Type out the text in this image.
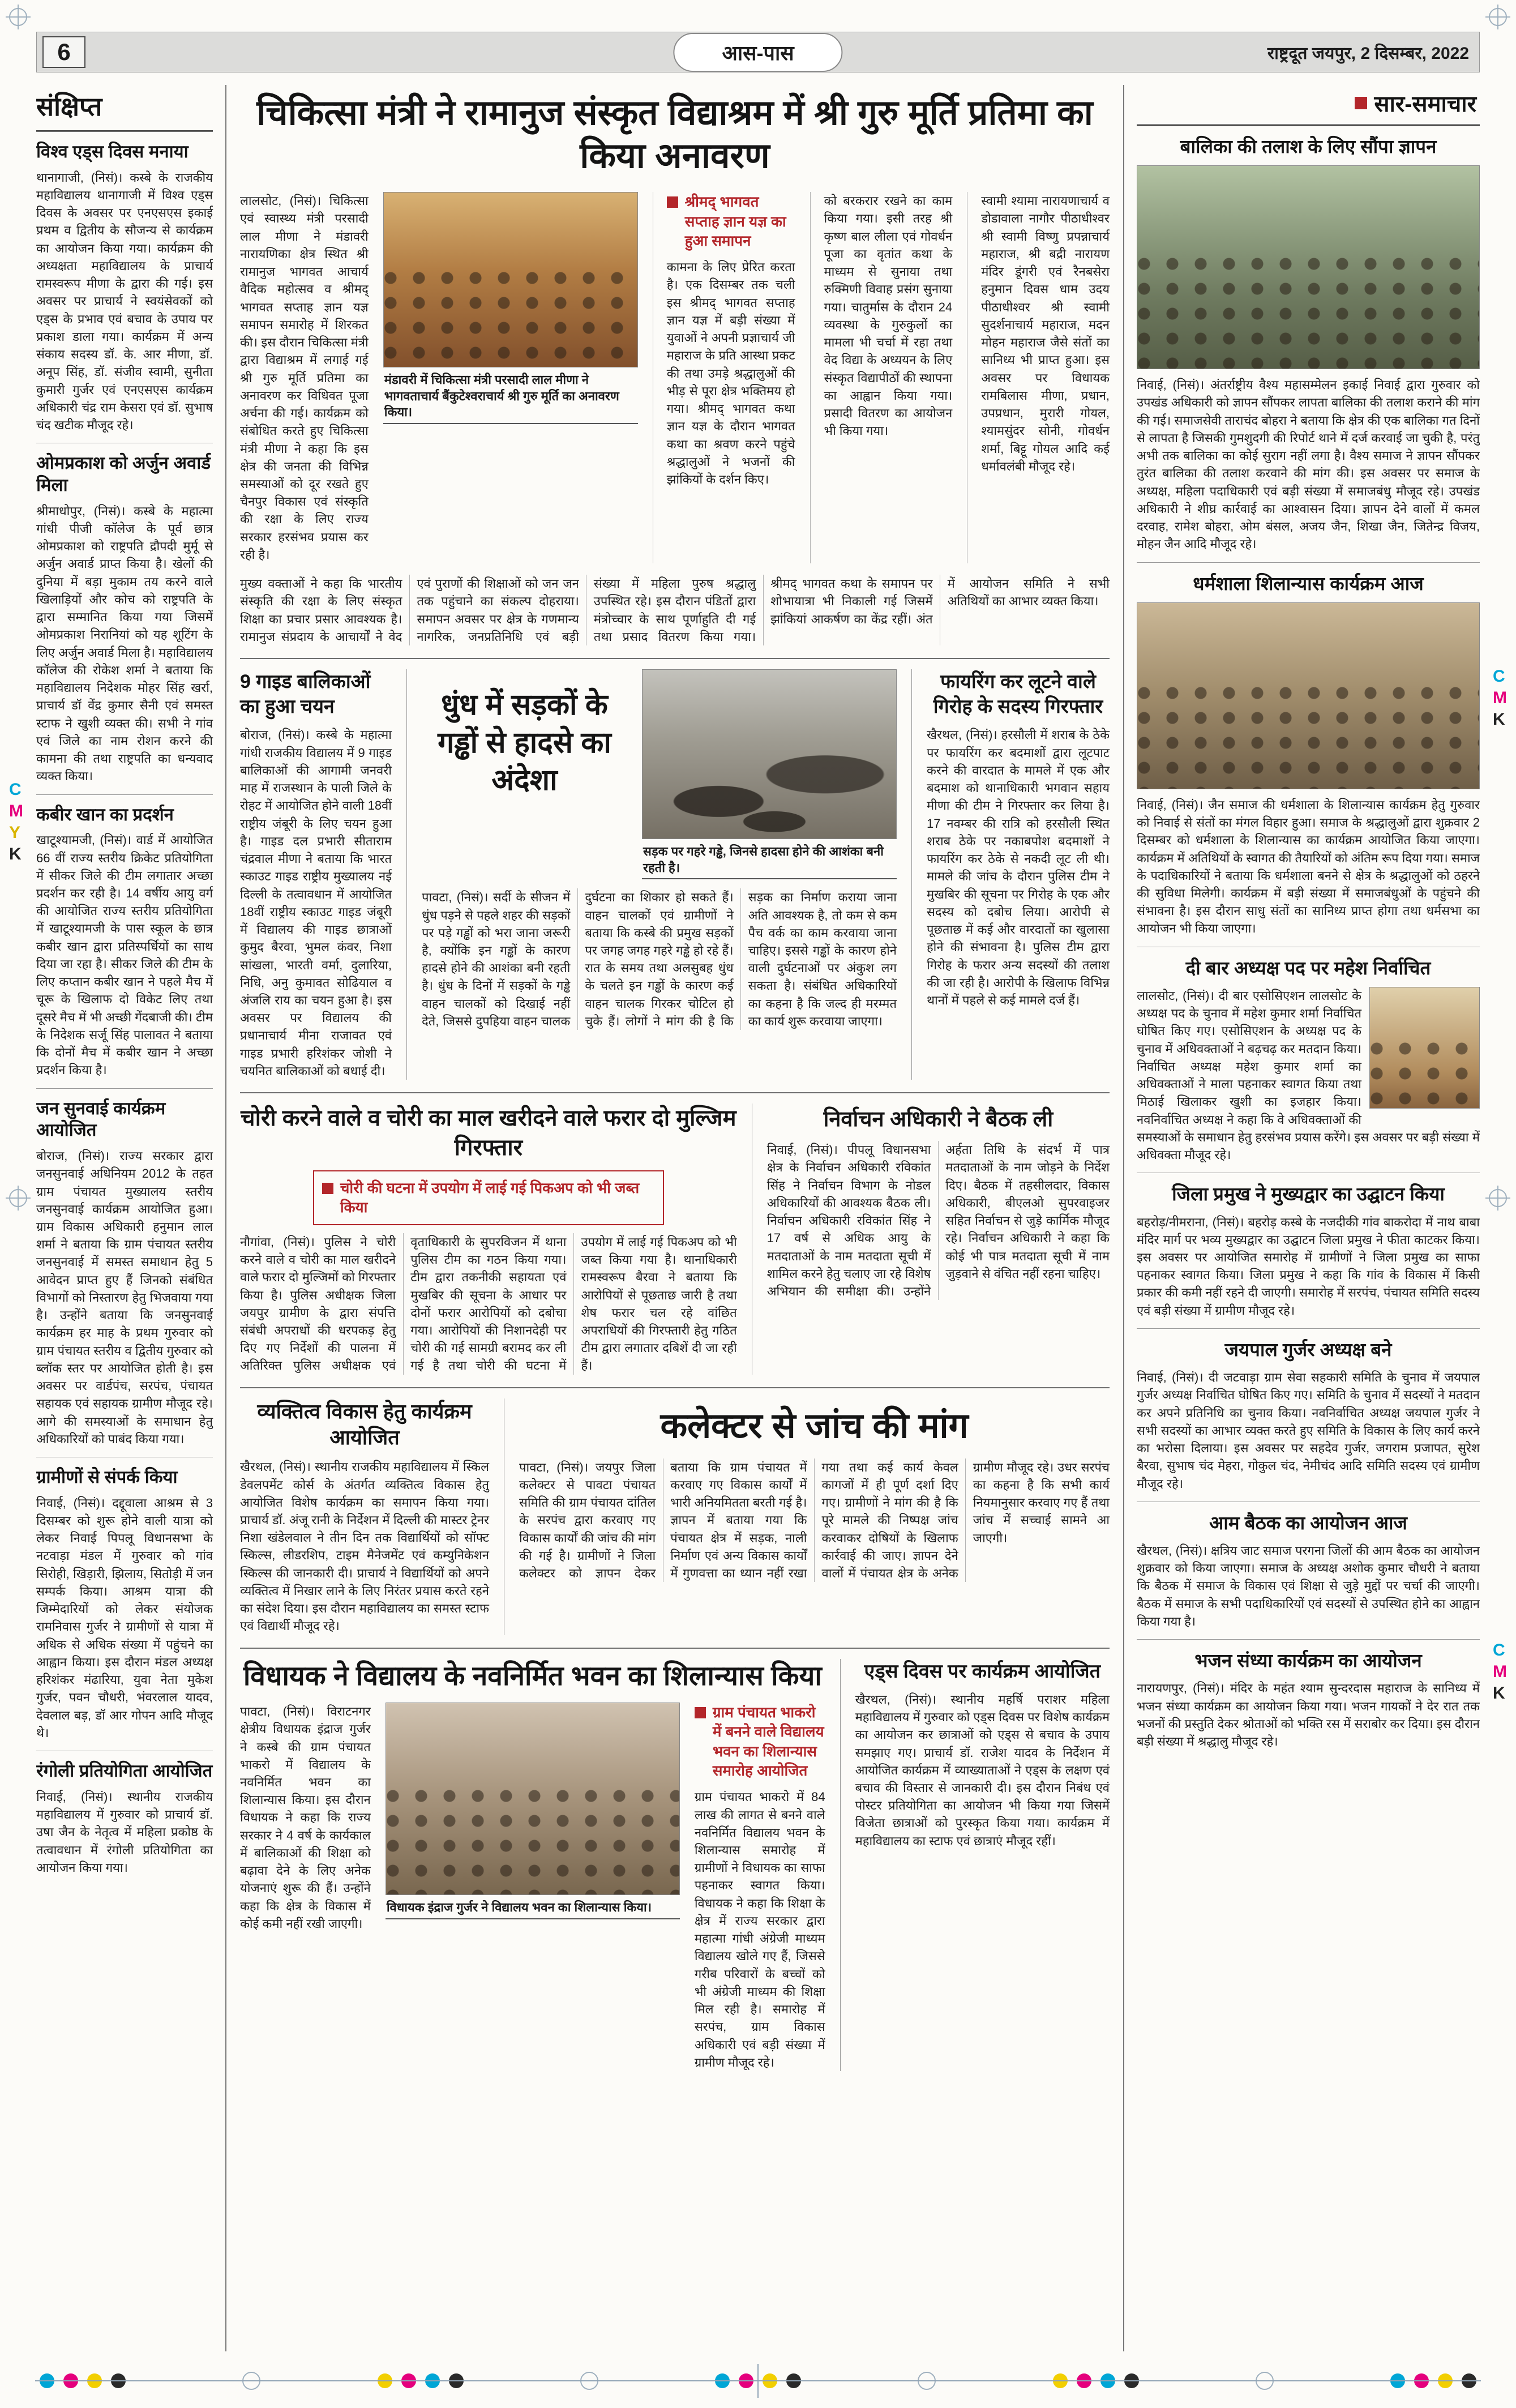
C
M
Y
K
C
M
K
C
M
K
6	आस-पास	राष्ट्रदूत जयपुर, 2 दिसम्बर, 2022
संक्षिप्त
विश्व एड्स दिवस मनाया

थानागाजी, (निसं)। कस्बे के राजकीय महाविद्यालय थानागाजी में विश्व एड्स दिवस के अवसर पर एनएसएस इकाई प्रथम व द्वितीय के सौजन्य से कार्यक्रम का आयोजन किया गया। कार्यक्रम की अध्यक्षता महाविद्यालय के प्राचार्य रामस्वरूप मीणा के द्वारा की गई। इस अवसर पर प्राचार्य ने स्वयंसेवकों को एड्स के प्रभाव एवं बचाव के उपाय पर प्रकाश डाला गया। कार्यक्रम में अन्य संकाय सदस्य डॉ. के. आर मीणा, डॉ. अनूप सिंह, डॉ. संजीव स्वामी, सुनीता कुमारी गुर्जर एवं एनएसएस कार्यक्रम अधिकारी चंद्र राम केसरा एवं डॉ. सुभाष चंद खटीक मौजूद रहे।

ओमप्रकाश को अर्जुन अवार्ड मिला

श्रीमाधोपुर, (निसं)। कस्बे के महात्मा गांधी पीजी कॉलेज के पूर्व छात्र ओमप्रकाश को राष्ट्रपति द्रौपदी मुर्मू से अर्जुन अवार्ड प्राप्त किया है। खेलों की दुनिया में बड़ा मुकाम तय करने वाले खिलाड़ियों और कोच को राष्ट्रपति के द्वारा सम्मानित किया गया जिसमें ओमप्रकाश निरानियां को यह शूटिंग के लिए अर्जुन अवार्ड मिला है। महाविद्यालय कॉलेज की रोकेश शर्मा ने बताया कि महाविद्यालय निदेशक मोहर सिंह खर्रा, प्राचार्य डॉ वेंद्र कुमार सैनी एवं समस्त स्टाफ ने खुशी व्यक्त की। सभी ने गांव एवं जिले का नाम रोशन करने की कामना की तथा राष्ट्रपति का धन्यवाद व्यक्त किया।

कबीर खान का प्रदर्शन

खाटूश्यामजी, (निसं)। वार्ड में आयोजित 66 वीं राज्य स्तरीय क्रिकेट प्रतियोगिता में सीकर जिले की टीम लगातार अच्छा प्रदर्शन कर रही है। 14 वर्षीय आयु वर्ग की आयोजित राज्य स्तरीय प्रतियोगिता में खाटूश्यामजी के पास स्कूल के छात्र कबीर खान द्वारा प्रतिस्पर्धियों का साथ दिया जा रहा है। सीकर जिले की टीम के लिए कप्तान कबीर खान ने पहले मैच में चूरू के खिलाफ दो विकेट लिए तथा दूसरे मैच में भी अच्छी गेंदबाजी की। टीम के निदेशक सर्जू सिंह पालावत ने बताया कि दोनों मैच में कबीर खान ने अच्छा प्रदर्शन किया है।

जन सुनवाई कार्यक्रम आयोजित

बोराज, (निसं)। राज्य सरकार द्वारा जनसुनवाई अधिनियम 2012 के तहत ग्राम पंचायत मुख्यालय स्तरीय जनसुनवाई कार्यक्रम आयोजित हुआ। ग्राम विकास अधिकारी हनुमान लाल शर्मा ने बताया कि ग्राम पंचायत स्तरीय जनसुनवाई में समस्त समाधान हेतु 5 आवेदन प्राप्त हुए हैं जिनको संबंधित विभागों को निस्तारण हेतु भिजवाया गया है। उन्होंने बताया कि जनसुनवाई कार्यक्रम हर माह के प्रथम गुरुवार को ग्राम पंचायत स्तरीय व द्वितीय गुरुवार को ब्लॉक स्तर पर आयोजित होती है। इस अवसर पर वार्डपंच, सरपंच, पंचायत सहायक एवं सहायक ग्रामीण मौजूद रहे। आगे की समस्याओं के समाधान हेतु अधिकारियों को पाबंद किया गया।

ग्रामीणों से संपर्क किया

निवाई, (निसं)। दद्दूवाला आश्रम से 3 दिसम्बर को शुरू होने वाली यात्रा को लेकर निवाई पिपलू विधानसभा के नटवाड़ा मंडल में गुरुवार को गांव सिरोही, खिड़ारी, झिलाय, सितोड़ी में जन सम्पर्क किया। आश्रम यात्रा की जिम्मेदारियों को लेकर संयोजक रामनिवास गुर्जर ने ग्रामीणों से यात्रा में अधिक से अधिक संख्या में पहुंचने का आह्वान किया। इस दौरान मंडल अध्यक्ष हरिशंकर मंढारिया, युवा नेता मुकेश गुर्जर, पवन चौधरी, भंवरलाल यादव, देवलाल बड़, डॉ आर गोपन आदि मौजूद थे।

रंगोली प्रतियोगिता आयोजित

निवाई, (निसं)। स्थानीय राजकीय महाविद्यालय में गुरुवार को प्राचार्य डॉ. उषा जैन के नेतृत्व में महिला प्रकोष्ठ के तत्वावधान में रंगोली प्रतियोगिता का आयोजन किया गया।

चिकित्सा मंत्री ने रामानुज संस्कृत विद्याश्रम में श्री गुरु मूर्ति प्रतिमा का किया अनावरण
लालसोट, (निसं)। चिकित्सा एवं स्वास्थ्य मंत्री परसादी लाल मीणा ने मंडावरी नारायणिका क्षेत्र स्थित श्री रामानुज भागवत आचार्य वैदिक महोत्सव व श्रीमद् भागवत सप्ताह ज्ञान यज्ञ समापन समारोह में शिरकत की। इस दौरान चिकित्सा मंत्री द्वारा विद्याश्रम में लगाई गई श्री गुरु मूर्ति प्रतिमा का अनावरण कर विधिवत पूजा अर्चना की गई। कार्यक्रम को संबोधित करते हुए चिकित्सा मंत्री मीणा ने कहा कि इस क्षेत्र की जनता की विभिन्न समस्याओं को दूर रखते हुए चैनपुर विकास एवं संस्कृति की रक्षा के लिए राज्य सरकार हरसंभव प्रयास कर रही है।
मंडावरी में चिकित्सा मंत्री परसादी लाल मीणा ने भागवताचार्य बैंकुटेश्वराचार्य श्री गुरु मूर्ति का अनावरण किया।
श्रीमद् भागवत सप्ताह ज्ञान यज्ञ का हुआ समापन

कामना के लिए प्रेरित करता है। एक दिसम्बर तक चली इस श्रीमद् भागवत सप्ताह ज्ञान यज्ञ में बड़ी संख्या में युवाओं ने अपनी प्रज्ञाचार्य जी महाराज के प्रति आस्था प्रकट की तथा उमड़े श्रद्धालुओं की भीड़ से पूरा क्षेत्र भक्तिमय हो गया। श्रीमद् भागवत कथा ज्ञान यज्ञ के दौरान भागवत कथा का श्रवण करने पहुंचे श्रद्धालुओं ने भजनों की झांकियों के दर्शन किए।

को बरकरार रखने का काम किया गया। इसी तरह श्री कृष्ण बाल लीला एवं गोवर्धन पूजा का वृतांत कथा के माध्यम से सुनाया तथा रुक्मिणी विवाह प्रसंग सुनाया गया। चातुर्मास के दौरान 24 व्यवस्था के गुरुकुलों का मामला भी चर्चा में रहा तथा वेद विद्या के अध्ययन के लिए संस्कृत विद्यापीठों की स्थापना का आह्वान किया गया। प्रसादी वितरण का आयोजन भी किया गया।
स्वामी श्यामा नारायणाचार्य व डोडावाला नागौर पीठाधीश्वर श्री स्वामी विष्णु प्रपन्नाचार्य महाराज, श्री बद्री नारायण मंदिर डूंगरी एवं रैनबसेरा हनुमान दिवस धाम उदय पीठाधीश्वर श्री स्वामी सुदर्शनाचार्य महाराज, मदन मोहन महाराज जैसे संतों का सानिध्य भी प्राप्त हुआ। इस अवसर पर विधायक रामबिलास मीणा, प्रधान, उपप्रधान, मुरारी गोयल, श्यामसुंदर सोनी, गोवर्धन शर्मा, बिट्टू गोयल आदि कई धर्मावलंबी मौजूद रहे।
मुख्य वक्ताओं ने कहा कि भारतीय संस्कृति की रक्षा के लिए संस्कृत शिक्षा का प्रचार प्रसार आवश्यक है। रामानुज संप्रदाय के आचार्यों ने वेद एवं पुराणों की शिक्षाओं को जन जन तक पहुंचाने का संकल्प दोहराया। समापन अवसर पर क्षेत्र के गणमान्य नागरिक, जनप्रतिनिधि एवं बड़ी संख्या में महिला पुरुष श्रद्धालु उपस्थित रहे। इस दौरान पंडितों द्वारा मंत्रोच्चार के साथ पूर्णाहुति दी गई तथा प्रसाद वितरण किया गया। श्रीमद् भागवत कथा के समापन पर शोभायात्रा भी निकाली गई जिसमें झांकियां आकर्षण का केंद्र रहीं। अंत में आयोजन समिति ने सभी अतिथियों का आभार व्यक्त किया।
9 गाइड बालिकाओं का हुआ चयन

बोराज, (निसं)। कस्बे के महात्मा गांधी राजकीय विद्यालय में 9 गाइड बालिकाओं की आगामी जनवरी माह में राजस्थान के पाली जिले के रोहट में आयोजित होने वाली 18वीं राष्ट्रीय जंबूरी के लिए चयन हुआ है। गाइड दल प्रभारी सीताराम चंद्रवाल मीणा ने बताया कि भारत स्काउट गाइड राष्ट्रीय मुख्यालय नई दिल्ली के तत्वावधान में आयोजित 18वीं राष्ट्रीय स्काउट गाइड जंबूरी में विद्यालय की गाइड छात्राओं कुमुद बैरवा, भुमल कंवर, निशा सांखला, भारती वर्मा, दुलारिया, निधि, अनु कुमावत सोढियाल व अंजलि राय का चयन हुआ है। इस अवसर पर विद्यालय की प्रधानाचार्य मीना राजावत एवं गाइड प्रभारी हरिशंकर जोशी ने चयनित बालिकाओं को बधाई दी।

धुंध में सड़कों के गड्ढों से हादसे का अंदेशा
सड़क पर गहरे गड्ढे, जिनसे हादसा होने की आशंका बनी रहती है।
पावटा, (निसं)। सर्दी के सीजन में धुंध पड़ने से पहले शहर की सड़कों पर पड़े गड्ढों को भरा जाना जरूरी है, क्योंकि इन गड्ढों के कारण हादसे होने की आशंका बनी रहती है। धुंध के दिनों में सड़कों के गड्ढे वाहन चालकों को दिखाई नहीं देते, जिससे दुपहिया वाहन चालक दुर्घटना का शिकार हो सकते हैं। वाहन चालकों एवं ग्रामीणों ने बताया कि कस्बे की प्रमुख सड़कों पर जगह जगह गहरे गड्ढे हो रहे हैं। रात के समय तथा अलसुबह धुंध के चलते इन गड्ढों के कारण कई वाहन चालक गिरकर चोटिल हो चुके हैं। लोगों ने मांग की है कि सड़क का निर्माण कराया जाना अति आवश्यक है, तो कम से कम पैच वर्क का काम करवाया जाना चाहिए। इससे गड्ढों के कारण होने वाली दुर्घटनाओं पर अंकुश लग सकता है। संबंधित अधिकारियों का कहना है कि जल्द ही मरम्मत का कार्य शुरू करवाया जाएगा।
फायरिंग कर लूटने वाले गिरोह के सदस्य गिरफ्तार

खैरथल, (निसं)। हरसौली में शराब के ठेके पर फायरिंग कर बदमाशों द्वारा लूटपाट करने की वारदात के मामले में एक और बदमाश को थानाधिकारी भगवान सहाय मीणा की टीम ने गिरफ्तार कर लिया है। 17 नवम्बर की रात्रि को हरसौली स्थित शराब ठेके पर नकाबपोश बदमाशों ने फायरिंग कर ठेके से नकदी लूट ली थी। मामले की जांच के दौरान पुलिस टीम ने मुखबिर की सूचना पर गिरोह के एक और सदस्य को दबोच लिया। आरोपी से पूछताछ में कई और वारदातों का खुलासा होने की संभावना है। पुलिस टीम द्वारा गिरोह के फरार अन्य सदस्यों की तलाश की जा रही है। आरोपी के खिलाफ विभिन्न थानों में पहले से कई मामले दर्ज हैं।

चोरी करने वाले व चोरी का माल खरीदने वाले फरार दो मुल्जिम गिरफ्तार
चोरी की घटना में उपयोग में लाई गई पिकअप को भी जब्त किया
नौगांवा, (निसं)। पुलिस ने चोरी करने वाले व चोरी का माल खरीदने वाले फरार दो मुल्जिमों को गिरफ्तार किया है। पुलिस अधीक्षक जिला जयपुर ग्रामीण के द्वारा संपत्ति संबंधी अपराधों की धरपकड़ हेतु दिए गए निर्देशों की पालना में अतिरिक्त पुलिस अधीक्षक एवं वृताधिकारी के सुपरविजन में थाना पुलिस टीम का गठन किया गया। टीम द्वारा तकनीकी सहायता एवं मुखबिर की सूचना के आधार पर दोनों फरार आरोपियों को दबोचा गया। आरोपियों की निशानदेही पर चोरी की गई सामग्री बरामद कर ली गई है तथा चोरी की घटना में उपयोग में लाई गई पिकअप को भी जब्त किया गया है। थानाधिकारी रामस्वरूप बैरवा ने बताया कि आरोपियों से पूछताछ जारी है तथा शेष फरार चल रहे वांछित अपराधियों की गिरफ्तारी हेतु गठित टीम द्वारा लगातार दबिशें दी जा रही हैं।
निर्वाचन अधिकारी ने बैठक ली
निवाई, (निसं)। पीपलू विधानसभा क्षेत्र के निर्वाचन अधिकारी रविकांत सिंह ने निर्वाचन विभाग के नोडल अधिकारियों की आवश्यक बैठक ली। निर्वाचन अधिकारी रविकांत सिंह ने 17 वर्ष से अधिक आयु के मतदाताओं के नाम मतदाता सूची में शामिल करने हेतु चलाए जा रहे विशेष अभियान की समीक्षा की। उन्होंने अर्हता तिथि के संदर्भ में पात्र मतदाताओं के नाम जोड़ने के निर्देश दिए। बैठक में तहसीलदार, विकास अधिकारी, बीएलओ सुपरवाइजर सहित निर्वाचन से जुड़े कार्मिक मौजूद रहे। निर्वाचन अधिकारी ने कहा कि कोई भी पात्र मतदाता सूची में नाम जुड़वाने से वंचित नहीं रहना चाहिए।
व्यक्तित्व विकास हेतु कार्यक्रम आयोजित

खैरथल, (निसं)। स्थानीय राजकीय महाविद्यालय में स्किल डेवलपमेंट कोर्स के अंतर्गत व्यक्तित्व विकास हेतु आयोजित विशेष कार्यक्रम का समापन किया गया। प्राचार्य डॉ. अंजू रानी के निर्देशन में दिल्ली की मास्टर ट्रेनर निशा खंडेलवाल ने तीन दिन तक विद्यार्थियों को सॉफ्ट स्किल्स, लीडरशिप, टाइम मैनेजमेंट एवं कम्युनिकेशन स्किल्स की जानकारी दी। प्राचार्य ने विद्यार्थियों को अपने व्यक्तित्व में निखार लाने के लिए निरंतर प्रयास करते रहने का संदेश दिया। इस दौरान महाविद्यालय का समस्त स्टाफ एवं विद्यार्थी मौजूद रहे।

कलेक्टर से जांच की मांग
पावटा, (निसं)। जयपुर जिला कलेक्टर से पावटा पंचायत समिति की ग्राम पंचायत दांतिल के सरपंच द्वारा करवाए गए विकास कार्यों की जांच की मांग की गई है। ग्रामीणों ने जिला कलेक्टर को ज्ञापन देकर बताया कि ग्राम पंचायत में करवाए गए विकास कार्यों में भारी अनियमितता बरती गई है। ज्ञापन में बताया गया कि पंचायत क्षेत्र में सड़क, नाली निर्माण एवं अन्य विकास कार्यों में गुणवत्ता का ध्यान नहीं रखा गया तथा कई कार्य केवल कागजों में ही पूर्ण दर्शा दिए गए। ग्रामीणों ने मांग की है कि पूरे मामले की निष्पक्ष जांच करवाकर दोषियों के खिलाफ कार्रवाई की जाए। ज्ञापन देने वालों में पंचायत क्षेत्र के अनेक ग्रामीण मौजूद रहे। उधर सरपंच का कहना है कि सभी कार्य नियमानुसार करवाए गए हैं तथा जांच में सच्चाई सामने आ जाएगी।
विधायक ने विद्यालय के नवनिर्मित भवन का शिलान्यास किया
पावटा, (निसं)। विराटनगर क्षेत्रीय विधायक इंद्राज गुर्जर ने कस्बे की ग्राम पंचायत भाकरो में विद्यालय के नवनिर्मित भवन का शिलान्यास किया। इस दौरान विधायक ने कहा कि राज्य सरकार ने 4 वर्ष के कार्यकाल में बालिकाओं की शिक्षा को बढ़ावा देने के लिए अनेक योजनाएं शुरू की हैं। उन्होंने कहा कि क्षेत्र के विकास में कोई कमी नहीं रखी जाएगी।
विधायक इंद्राज गुर्जर ने विद्यालय भवन का शिलान्यास किया।
ग्राम पंचायत भाकरो में बनने वाले विद्यालय भवन का शिलान्यास समारोह आयोजित

ग्राम पंचायत भाकरो में 84 लाख की लागत से बनने वाले नवनिर्मित विद्यालय भवन के शिलान्यास समारोह में ग्रामीणों ने विधायक का साफा पहनाकर स्वागत किया। विधायक ने कहा कि शिक्षा के क्षेत्र में राज्य सरकार द्वारा महात्मा गांधी अंग्रेजी माध्यम विद्यालय खोले गए हैं, जिससे गरीब परिवारों के बच्चों को भी अंग्रेजी माध्यम की शिक्षा मिल रही है। समारोह में सरपंच, ग्राम विकास अधिकारी एवं बड़ी संख्या में ग्रामीण मौजूद रहे।

एड्स दिवस पर कार्यक्रम आयोजित

खैरथल, (निसं)। स्थानीय महर्षि पराशर महिला महाविद्यालय में गुरुवार को एड्स दिवस पर विशेष कार्यक्रम का आयोजन कर छात्राओं को एड्स से बचाव के उपाय समझाए गए। प्राचार्य डॉ. राजेश यादव के निर्देशन में आयोजित कार्यक्रम में व्याख्याताओं ने एड्स के लक्षण एवं बचाव की विस्तार से जानकारी दी। इस दौरान निबंध एवं पोस्टर प्रतियोगिता का आयोजन भी किया गया जिसमें विजेता छात्राओं को पुरस्कृत किया गया। कार्यक्रम में महाविद्यालय का स्टाफ एवं छात्राएं मौजूद रहीं।

सार-समाचार
बालिका की तलाश के लिए सौंपा ज्ञापन

निवाई, (निसं)। अंतर्राष्ट्रीय वैश्य महासम्मेलन इकाई निवाई द्वारा गुरुवार को उपखंड अधिकारी को ज्ञापन सौंपकर लापता बालिका की तलाश कराने की मांग की गई। समाजसेवी ताराचंद बोहरा ने बताया कि क्षेत्र की एक बालिका गत दिनों से लापता है जिसकी गुमशुदगी की रिपोर्ट थाने में दर्ज करवाई जा चुकी है, परंतु अभी तक बालिका का कोई सुराग नहीं लगा है। वैश्य समाज ने ज्ञापन सौंपकर तुरंत बालिका की तलाश करवाने की मांग की। इस अवसर पर समाज के अध्यक्ष, महिला पदाधिकारी एवं बड़ी संख्या में समाजबंधु मौजूद रहे। उपखंड अधिकारी ने शीघ्र कार्रवाई का आश्वासन दिया। ज्ञापन देने वालों में कमल दरवाह, रामेश बोहरा, ओम बंसल, अजय जैन, शिखा जैन, जितेन्द्र विजय, मोहन जैन आदि मौजूद रहे।

धर्मशाला शिलान्यास कार्यक्रम आज

निवाई, (निसं)। जैन समाज की धर्मशाला के शिलान्यास कार्यक्रम हेतु गुरुवार को निवाई से संतों का मंगल विहार हुआ। समाज के श्रद्धालुओं द्वारा शुक्रवार 2 दिसम्बर को धर्मशाला के शिलान्यास का कार्यक्रम आयोजित किया जाएगा। कार्यक्रम में अतिथियों के स्वागत की तैयारियों को अंतिम रूप दिया गया। समाज के पदाधिकारियों ने बताया कि धर्मशाला बनने से क्षेत्र के श्रद्धालुओं को ठहरने की सुविधा मिलेगी। कार्यक्रम में बड़ी संख्या में समाजबंधुओं के पहुंचने की संभावना है। इस दौरान साधु संतों का सानिध्य प्राप्त होगा तथा धर्मसभा का आयोजन भी किया जाएगा।

दी बार अध्यक्ष पद पर महेश निर्वाचित

लालसोट, (निसं)। दी बार एसोसिएशन लालसोट के अध्यक्ष पद के चुनाव में महेश कुमार शर्मा निर्वाचित घोषित किए गए। एसोसिएशन के अध्यक्ष पद के चुनाव में अधिवक्ताओं ने बढ़चढ़ कर मतदान किया। निर्वाचित अध्यक्ष महेश कुमार शर्मा का अधिवक्ताओं ने माला पहनाकर स्वागत किया तथा मिठाई खिलाकर खुशी का इजहार किया। नवनिर्वाचित अध्यक्ष ने कहा कि वे अधिवक्ताओं की समस्याओं के समाधान हेतु हरसंभव प्रयास करेंगे। इस अवसर पर बड़ी संख्या में अधिवक्ता मौजूद रहे।

जिला प्रमुख ने मुख्यद्वार का उद्घाटन किया

बहरोड़/नीमराना, (निसं)। बहरोड़ कस्बे के नजदीकी गांव बाकरोदा में नाथ बाबा मंदिर मार्ग पर भव्य मुख्यद्वार का उद्घाटन जिला प्रमुख ने फीता काटकर किया। इस अवसर पर आयोजित समारोह में ग्रामीणों ने जिला प्रमुख का साफा पहनाकर स्वागत किया। जिला प्रमुख ने कहा कि गांव के विकास में किसी प्रकार की कमी नहीं रहने दी जाएगी। समारोह में सरपंच, पंचायत समिति सदस्य एवं बड़ी संख्या में ग्रामीण मौजूद रहे।

जयपाल गुर्जर अध्यक्ष बने

निवाई, (निसं)। दी जटवाड़ा ग्राम सेवा सहकारी समिति के चुनाव में जयपाल गुर्जर अध्यक्ष निर्वाचित घोषित किए गए। समिति के चुनाव में सदस्यों ने मतदान कर अपने प्रतिनिधि का चुनाव किया। नवनिर्वाचित अध्यक्ष जयपाल गुर्जर ने सभी सदस्यों का आभार व्यक्त करते हुए समिति के विकास के लिए कार्य करने का भरोसा दिलाया। इस अवसर पर सहदेव गुर्जर, जगराम प्रजापत, सुरेश बैरवा, सुभाष चंद मेहरा, गोकुल चंद, नेमीचंद आदि समिति सदस्य एवं ग्रामीण मौजूद रहे।

आम बैठक का आयोजन आज

खैरथल, (निसं)। क्षत्रिय जाट समाज परगना जिलों की आम बैठक का आयोजन शुक्रवार को किया जाएगा। समाज के अध्यक्ष अशोक कुमार चौधरी ने बताया कि बैठक में समाज के विकास एवं शिक्षा से जुड़े मुद्दों पर चर्चा की जाएगी। बैठक में समाज के सभी पदाधिकारियों एवं सदस्यों से उपस्थित होने का आह्वान किया गया है।

भजन संध्या कार्यक्रम का आयोजन

नारायणपुर, (निसं)। मंदिर के महंत श्याम सुन्दरदास महाराज के सानिध्य में भजन संध्या कार्यक्रम का आयोजन किया गया। भजन गायकों ने देर रात तक भजनों की प्रस्तुति देकर श्रोताओं को भक्ति रस में सराबोर कर दिया। इस दौरान बड़ी संख्या में श्रद्धालु मौजूद रहे।
